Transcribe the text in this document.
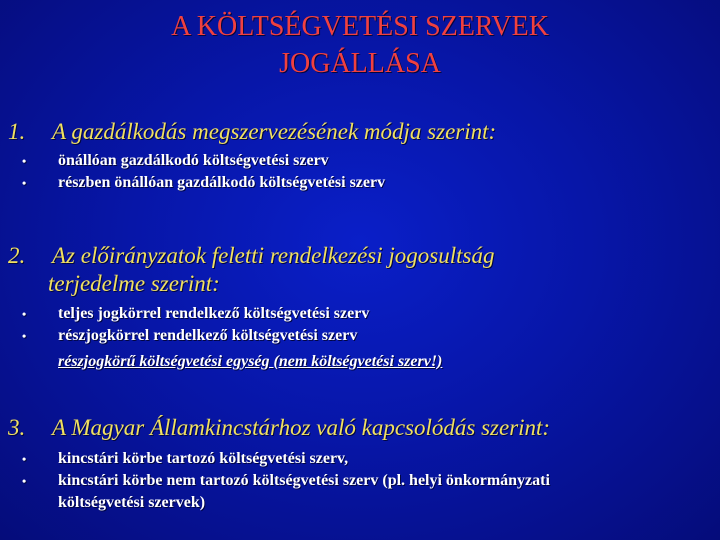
A KÖLTSÉGVETÉSI SZERVEK
JOGÁLLÁSA
1. A gazdálkodás megszervezésének módja szerint:
•	önállóan gazdálkodó költségvetési szerv
•	részben önállóan gazdálkodó költségvetési szerv
2. Az előirányzatok feletti rendelkezési jogosultság
terjedelme szerint:
•	teljes jogkörrel rendelkező költségvetési szerv
•	részjogkörrel rendelkező költségvetési szerv
részjogkörű költségvetési egység (nem költségvetési szerv!)
3. A Magyar Államkincstárhoz való kapcsolódás szerint:
•	kincstári körbe tartozó költségvetési szerv,
•	kincstári körbe nem tartozó költségvetési szerv (pl. helyi önkormányzati
költségvetési szervek)
